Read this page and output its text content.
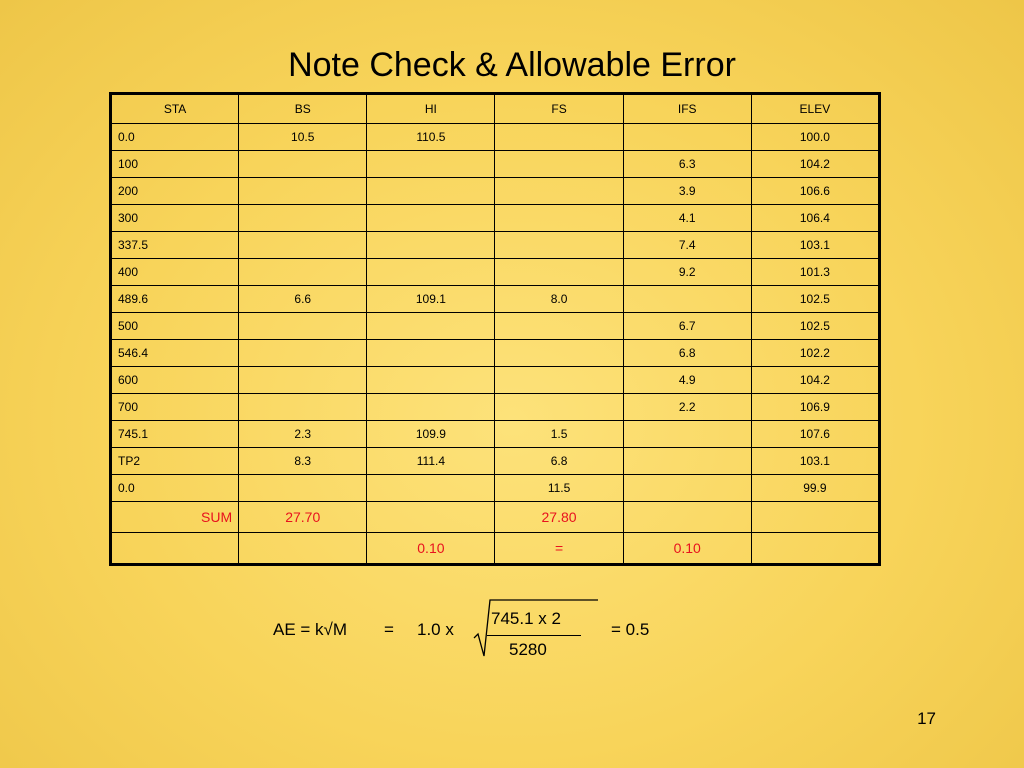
Note Check & Allowable Error
STA	BS	HI	FS	IFS	ELEV
0.0	10.5	110.5			100.0
100				6.3	104.2
200				3.9	106.6
300				4.1	106.4
337.5				7.4	103.1
400				9.2	101.3
489.6	6.6	109.1	8.0		102.5
500				6.7	102.5
546.4				6.8	102.2
600				4.9	104.2
700				2.2	106.9
745.1	2.3	109.9	1.5		107.6
TP2	8.3	111.4	6.8		103.1
0.0			11.5		99.9
SUM	27.70		27.80		
		0.10	=	0.10	
AE = k√M = 1.0 x
745.1 x 2
5280
= 0.5
17
